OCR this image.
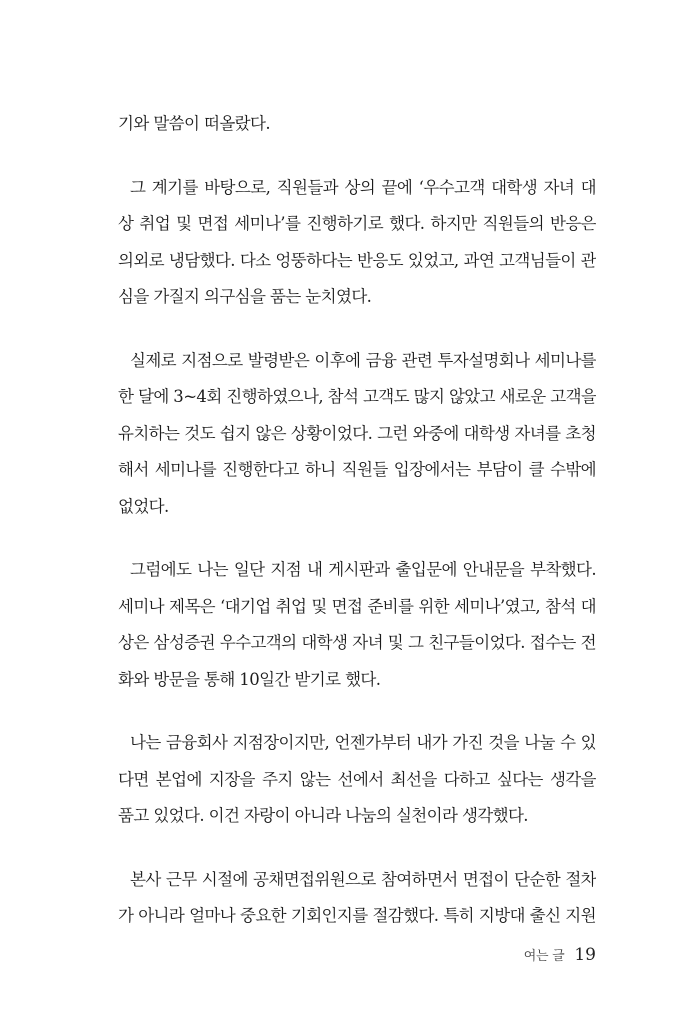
기와 말씀이 떠올랐다.
그 계기를 바탕으로, 직원들과 상의 끝에 ‘우수고객 대학생 자녀 대
상 취업 및 면접 세미나’를 진행하기로 했다. 하지만 직원들의 반응은
의외로 냉담했다. 다소 엉뚱하다는 반응도 있었고, 과연 고객님들이 관
심을 가질지 의구심을 품는 눈치였다.
실제로 지점으로 발령받은 이후에 금융 관련 투자설명회나 세미나를
한 달에 3~4회 진행하였으나, 참석 고객도 많지 않았고 새로운 고객을
유치하는 것도 쉽지 않은 상황이었다. 그런 와중에 대학생 자녀를 초청
해서 세미나를 진행한다고 하니 직원들 입장에서는 부담이 클 수밖에
없었다.
그럼에도 나는 일단 지점 내 게시판과 출입문에 안내문을 부착했다.
세미나 제목은 ‘대기업 취업 및 면접 준비를 위한 세미나’였고, 참석 대
상은 삼성증권 우수고객의 대학생 자녀 및 그 친구들이었다. 접수는 전
화와 방문을 통해 10일간 받기로 했다.
나는 금융회사 지점장이지만, 언젠가부터 내가 가진 것을 나눌 수 있
다면 본업에 지장을 주지 않는 선에서 최선을 다하고 싶다는 생각을
품고 있었다. 이건 자랑이 아니라 나눔의 실천이라 생각했다.
본사 근무 시절에 공채면접위원으로 참여하면서 면접이 단순한 절차
가 아니라 얼마나 중요한 기회인지를 절감했다. 특히 지방대 출신 지원
여는 글 19
